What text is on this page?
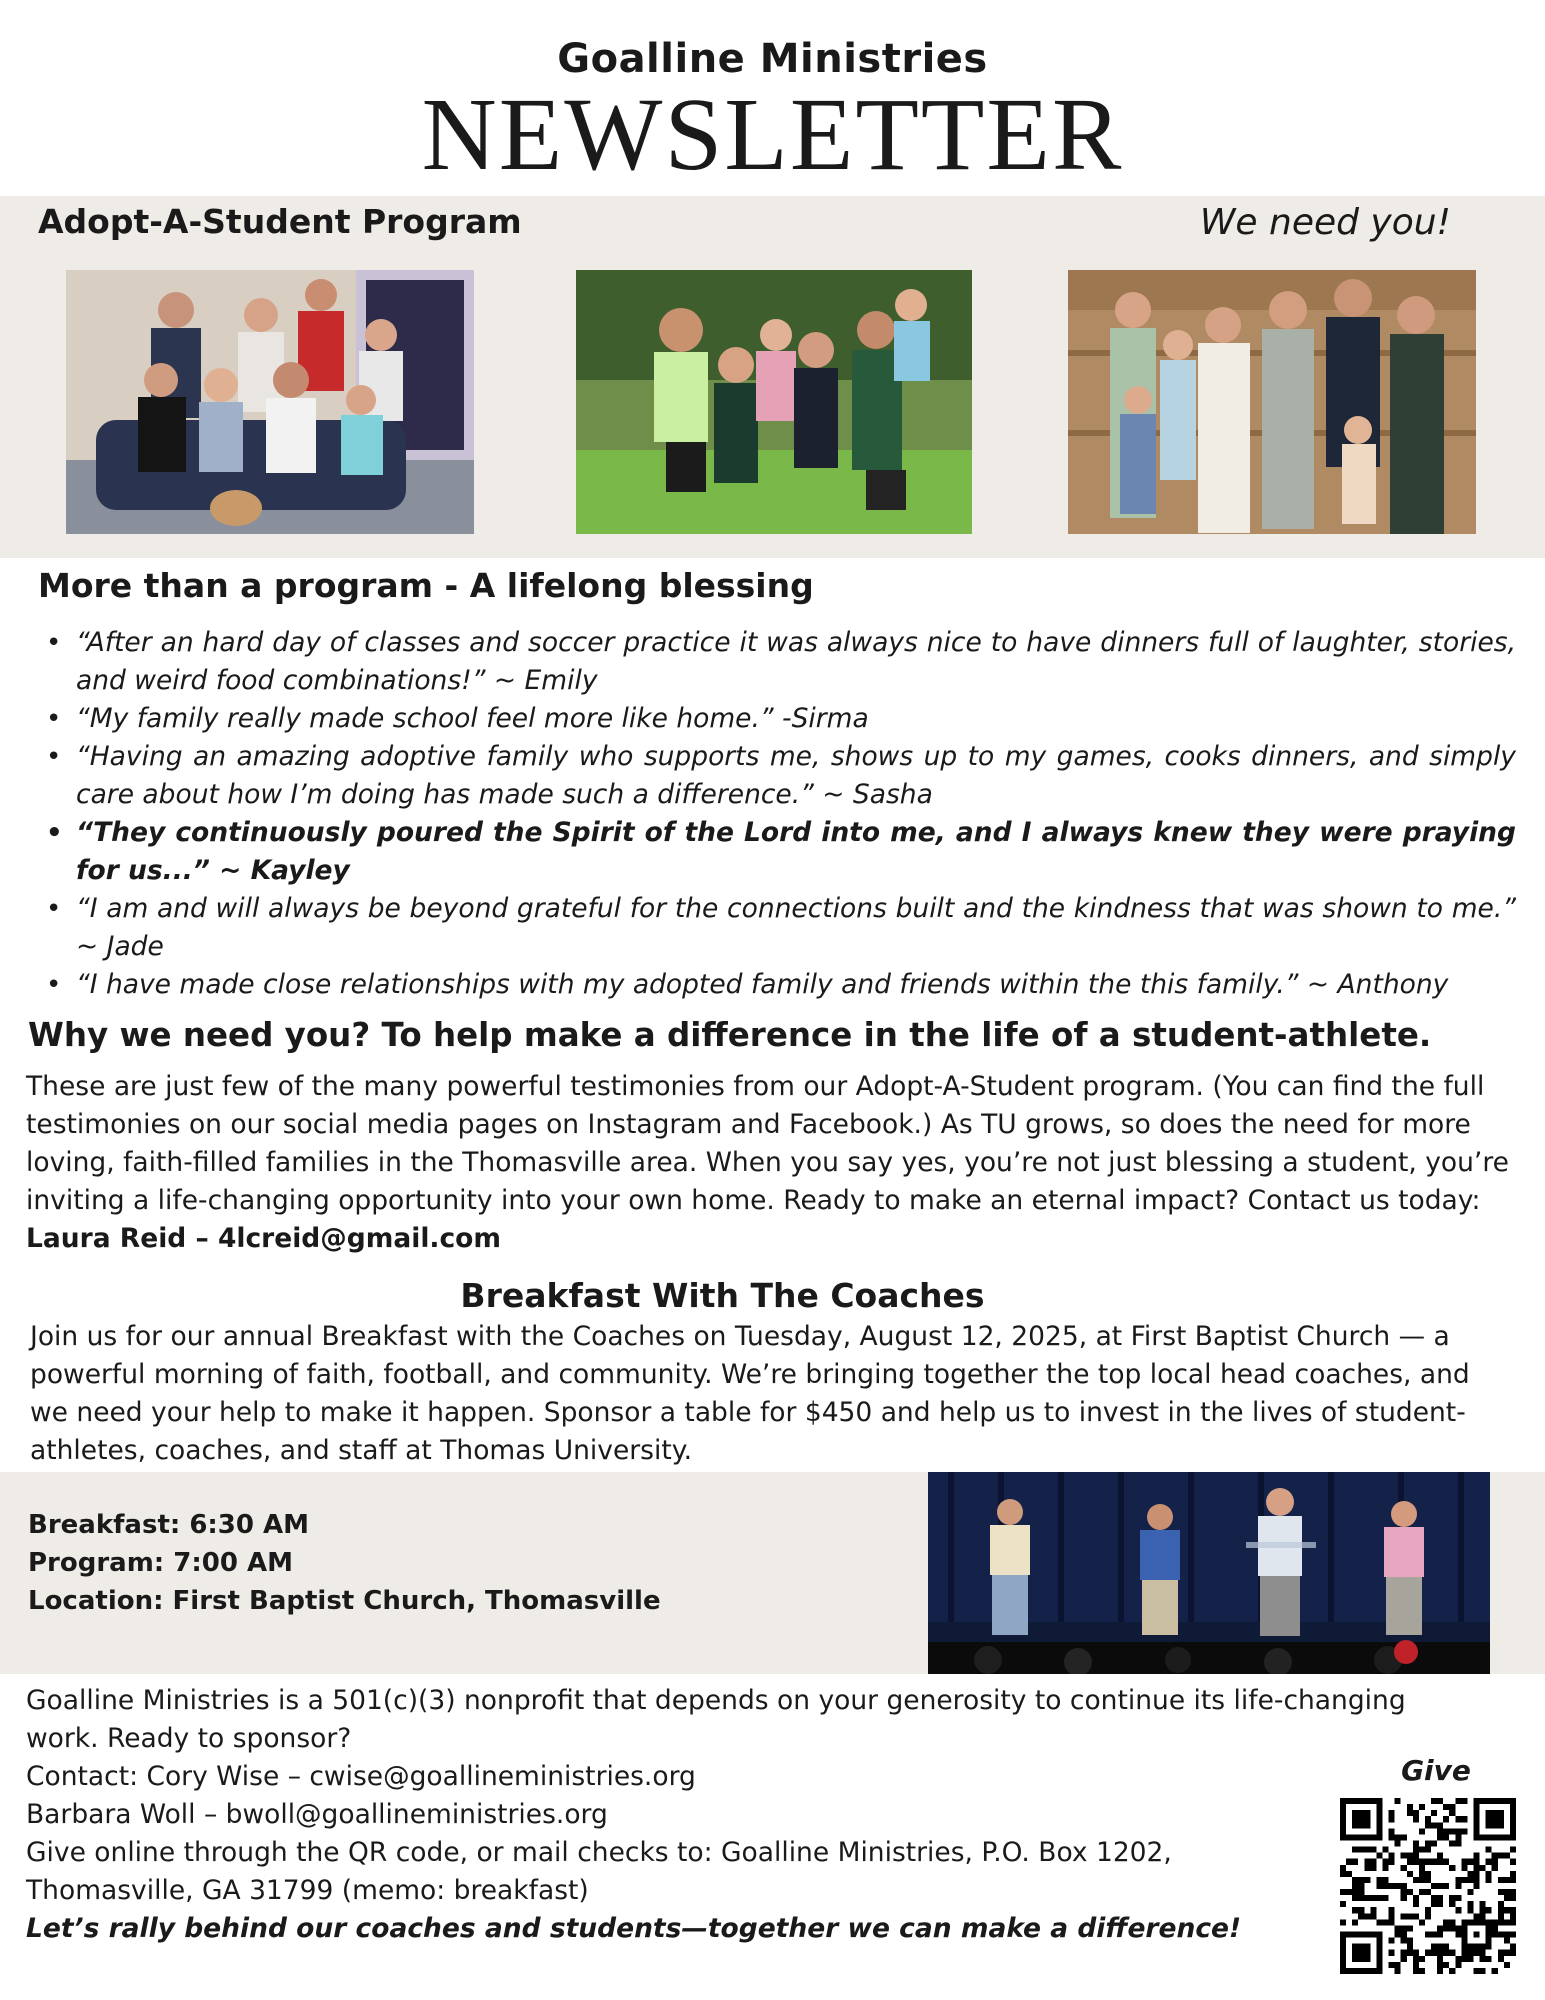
Goalline Ministries
NEWSLETTER
Adopt-A-Student Program	We need you!
More than a program - A lifelong blessing
• “After an hard day of classes and soccer practice it was always nice to have dinners full of laughter, stories, and weird food combinations!” ~ Emily
• “My family really made school feel more like home.” -Sirma
• “Having an amazing adoptive family who supports me, shows up to my games, cooks dinners, and simply care about how I’m doing has made such a difference.” ~ Sasha
• “They continuously poured the Spirit of the Lord into me, and I always knew they were praying for us...” ~ Kayley
• “I am and will always be beyond grateful for the connections built and the kindness that was shown to me.” ~ Jade
• “I have made close relationships with my adopted family and friends within the this family.” ~ Anthony
Why we need you? To help make a difference in the life of a student-athlete.
These are just few of the many powerful testimonies from our Adopt-A-Student program. (You can find the full testimonies on our social media pages on Instagram and Facebook.) As TU grows, so does the need for more loving, faith-filled families in the Thomasville area. When you say yes, you’re not just blessing a student, you’re inviting a life-changing opportunity into your own home. Ready to make an eternal impact? Contact us today: Laura Reid – 4lcreid@gmail.com
Breakfast With The Coaches
Join us for our annual Breakfast with the Coaches on Tuesday, August 12, 2025, at First Baptist Church — a powerful morning of faith, football, and community. We’re bringing together the top local head coaches, and we need your help to make it happen. Sponsor a table for $450 and help us to invest in the lives of student-athletes, coaches, and staff at Thomas University.
Breakfast: 6:30 AM
Program: 7:00 AM
Location: First Baptist Church, Thomasville
Goalline Ministries is a 501(c)(3) nonprofit that depends on your generosity to continue its life-changing work. Ready to sponsor?
Contact: Cory Wise – cwise@goallineministries.org
Barbara Woll – bwoll@goallineministries.org
Give online through the QR code, or mail checks to: Goalline Ministries, P.O. Box 1202, Thomasville, GA 31799 (memo: breakfast)
Let’s rally behind our coaches and students—together we can make a difference!
Give
